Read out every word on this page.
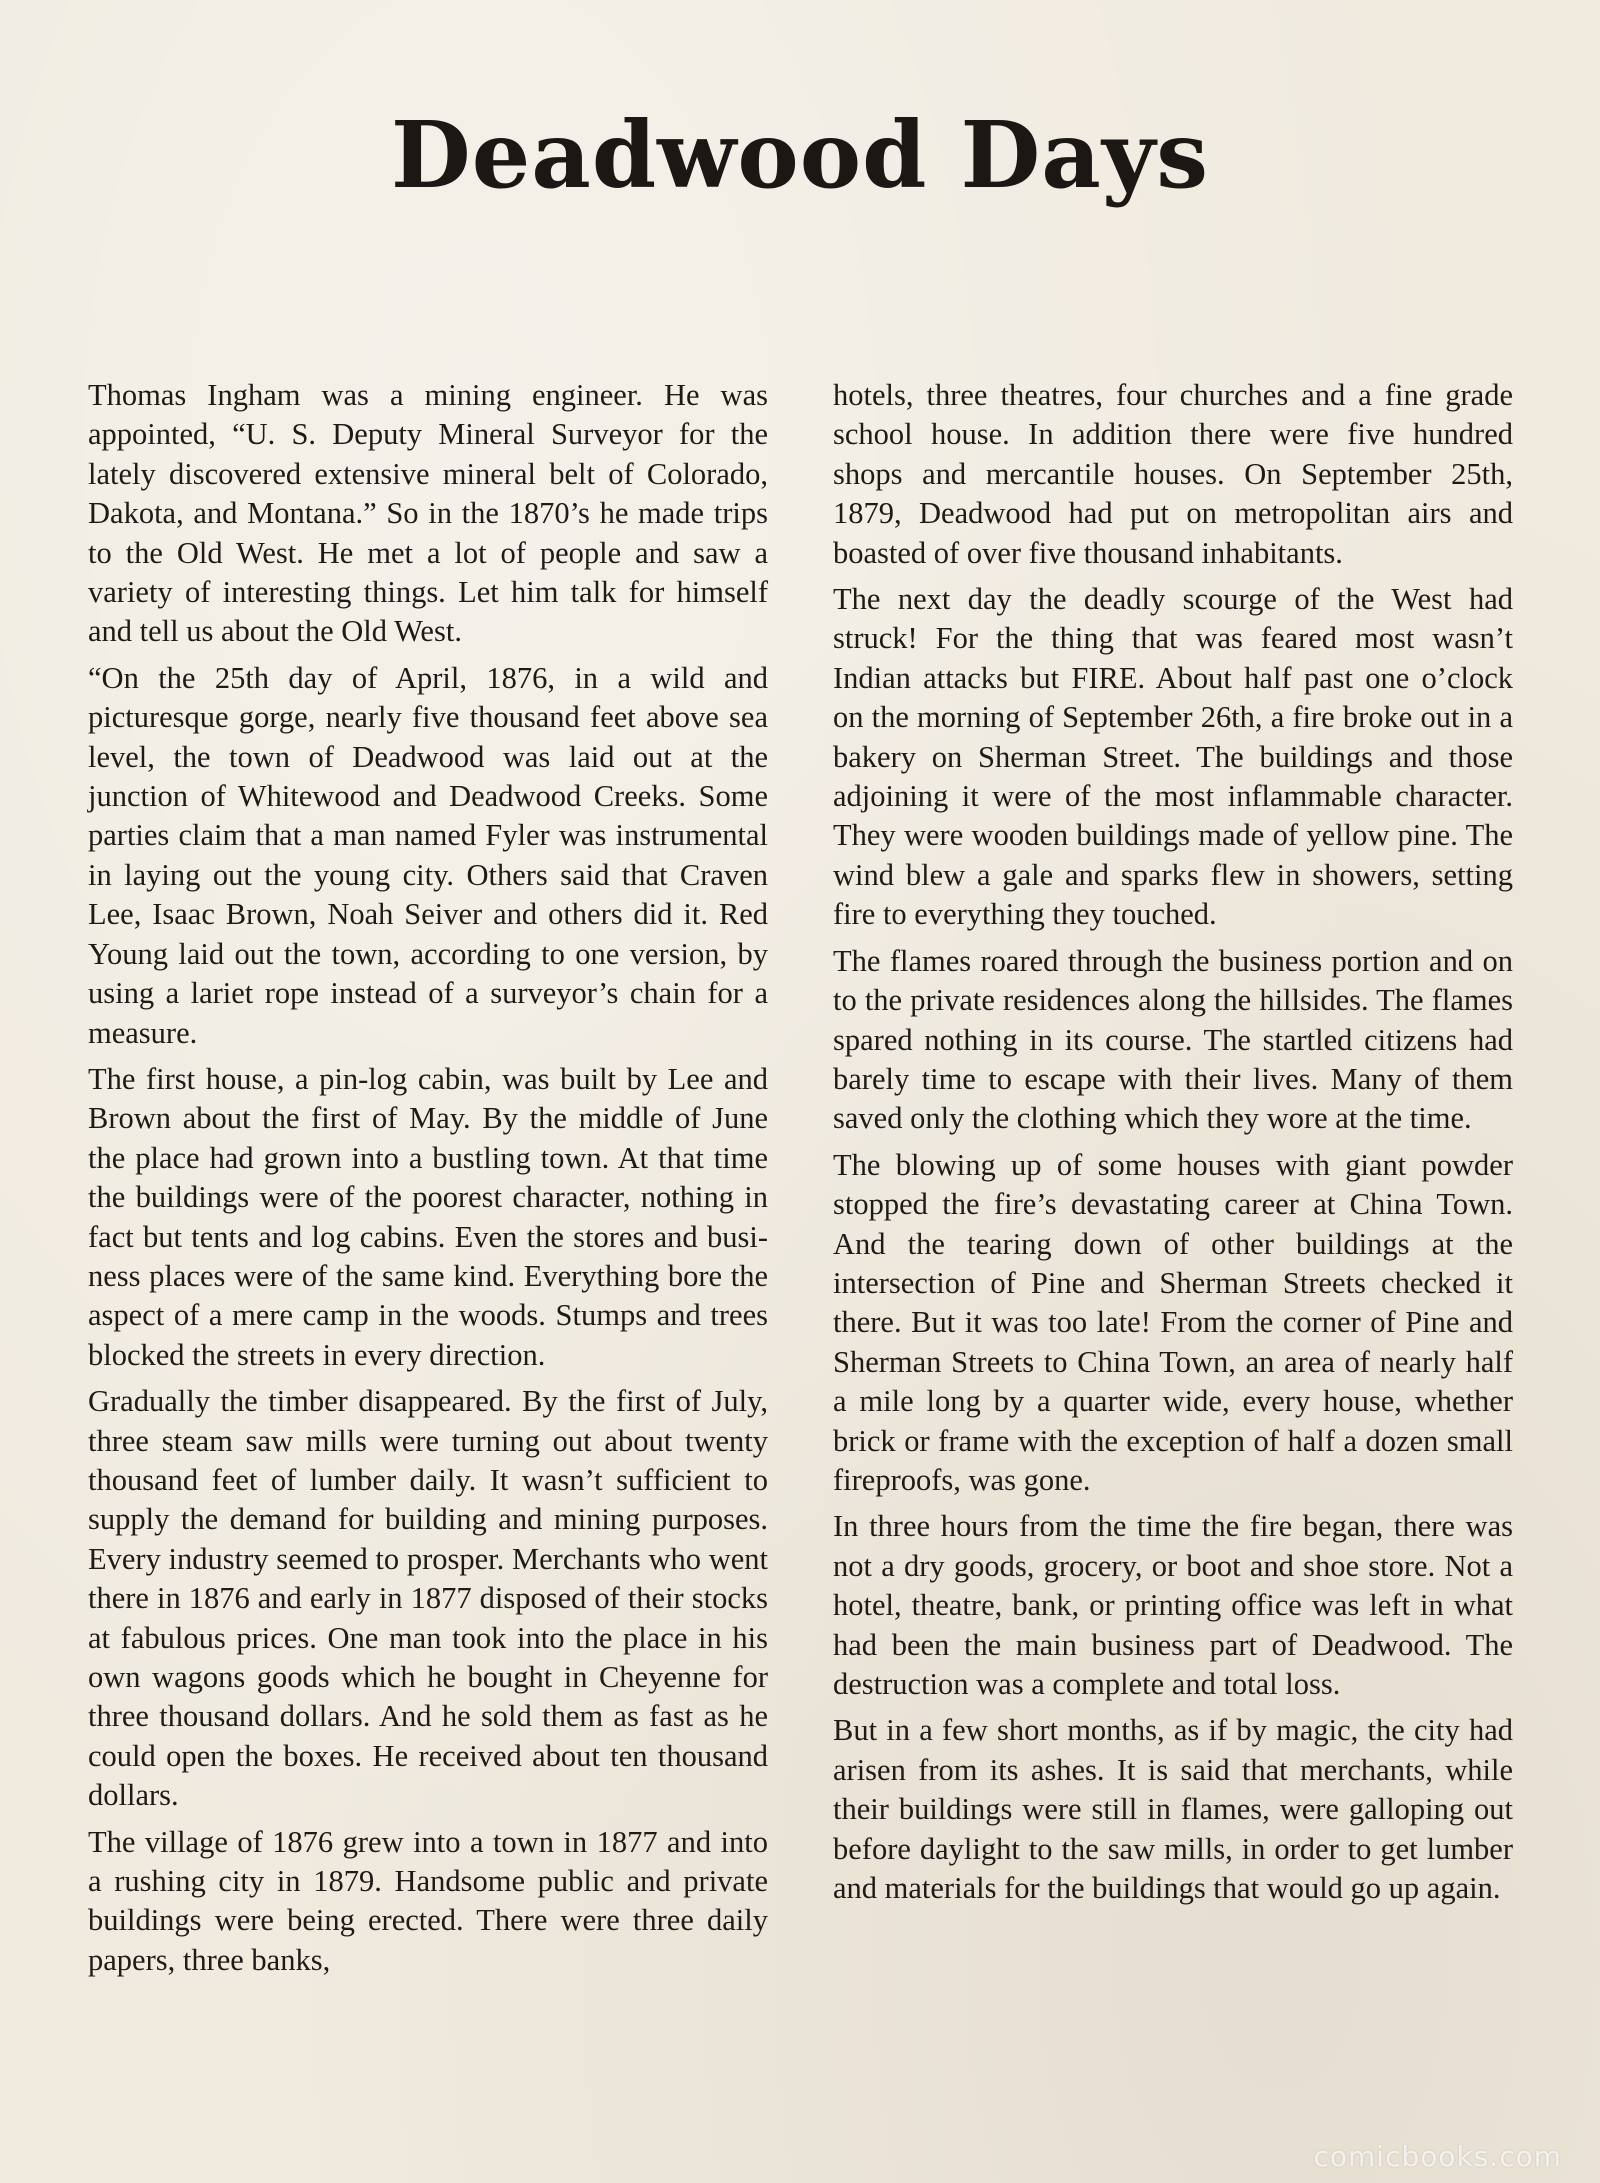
Deadwood Days

Thomas Ingham was a mining engineer. He was appointed, “U. S. Deputy Mineral Surveyor for the lately discovered extensive mineral belt of Colorado, Dakota, and Montana.” So in the 1870’s he made trips to the Old West. He met a lot of people and saw a variety of interesting things. Let him talk for himself and tell us about the Old West.

“On the 25th day of April, 1876, in a wild and picturesque gorge, nearly five thousand feet above sea level, the town of Deadwood was laid out at the junction of Whitewood and Deadwood Creeks. Some parties claim that a man named Fyler was instrumental in laying out the young city. Others said that Craven Lee, Isaac Brown, Noah Seiver and others did it. Red Young laid out the town, according to one version, by using a lariet rope instead of a surveyor’s chain for a measure.

The first house, a pin-log cabin, was built by Lee and Brown about the first of May. By the middle of June the place had grown into a bustling town. At that time the buildings were of the poorest character, nothing in fact but tents and log cabins. Even the stores and business places were of the same kind. Everything bore the aspect of a mere camp in the woods. Stumps and trees blocked the streets in every direction.

Gradually the timber disappeared. By the first of July, three steam saw mills were turning out about twenty thousand feet of lumber daily. It wasn’t sufficient to supply the demand for building and mining purposes. Every industry seemed to prosper. Merchants who went there in 1876 and early in 1877 disposed of their stocks at fabulous prices. One man took into the place in his own wagons goods which he bought in Cheyenne for three thousand dollars. And he sold them as fast as he could open the boxes. He received about ten thousand dollars.

The village of 1876 grew into a town in 1877 and into a rushing city in 1879. Handsome public and private buildings were being erected. There were three daily papers, three banks,

hotels, three theatres, four churches and a fine grade school house. In addition there were five hundred shops and mercantile houses. On September 25th, 1879, Deadwood had put on metropolitan airs and boasted of over five thousand inhabitants.

The next day the deadly scourge of the West had struck! For the thing that was feared most wasn’t Indian attacks but FIRE. About half past one o’clock on the morning of September 26th, a fire broke out in a bakery on Sherman Street. The buildings and those adjoining it were of the most inflammable character. They were wooden buildings made of yellow pine. The wind blew a gale and sparks flew in showers, setting fire to everything they touched.

The flames roared through the business portion and on to the private residences along the hillsides. The flames spared nothing in its course. The startled citizens had barely time to escape with their lives. Many of them saved only the clothing which they wore at the time.

The blowing up of some houses with giant powder stopped the fire’s devastating career at China Town. And the tearing down of other buildings at the intersection of Pine and Sherman Streets checked it there. But it was too late! From the corner of Pine and Sherman Streets to China Town, an area of nearly half a mile long by a quarter wide, every house, whether brick or frame with the exception of half a dozen small fireproofs, was gone.

In three hours from the time the fire began, there was not a dry goods, grocery, or boot and shoe store. Not a hotel, theatre, bank, or printing office was left in what had been the main business part of Deadwood. The destruction was a complete and total loss.

But in a few short months, as if by magic, the city had arisen from its ashes. It is said that merchants, while their buildings were still in flames, were galloping out before daylight to the saw mills, in order to get lumber and materials for the buildings that would go up again.

comicbooks.com
